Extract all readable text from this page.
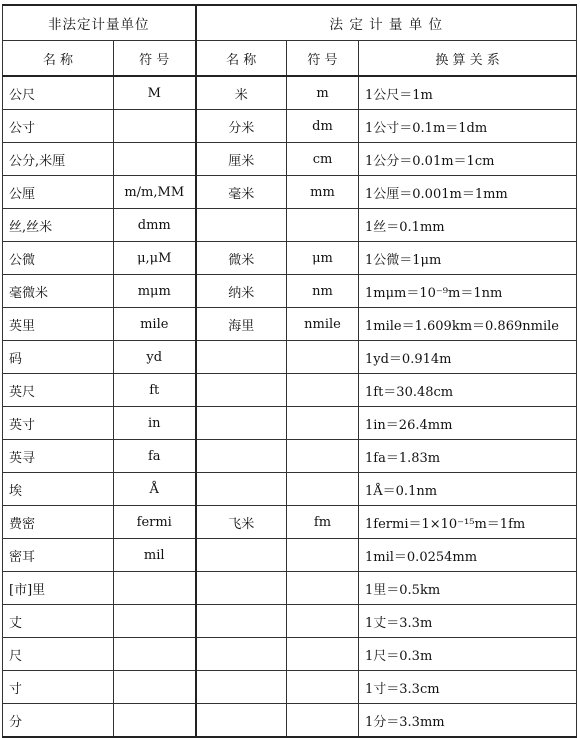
非法定计量单位		法 定 计 量 单 位		
名 称	符 号	名 称	符 号	换 算 关 系
公尺	M	米	m	1公尺＝1m
公寸		分米	dm	1公寸＝0.1m＝1dm
公分,米厘		厘米	cm	1公分＝0.01m＝1cm
公厘	m/m,MM	毫米	mm	1公厘＝0.001m＝1mm
丝,丝米	dmm			1丝＝0.1mm
公微	μ,μM	微米	μm	1公微＝1μm
毫微米	mμm	纳米	nm	1mμm＝10⁻⁹m＝1nm
英里	mile	海里	nmile	1mile＝1.609km＝0.869nmile
码	yd			1yd＝0.914m
英尺	ft			1ft＝30.48cm
英寸	in			1in＝26.4mm
英寻	fa			1fa＝1.83m
埃	Å			1Å＝0.1nm
费密	fermi	飞米	fm	1fermi＝1×10⁻¹⁵m＝1fm
密耳	mil			1mil＝0.0254mm
[市]里				1里＝0.5km
丈				1丈＝3.3m
尺				1尺＝0.3m
寸				1寸＝3.3cm
分				1分＝3.3mm
